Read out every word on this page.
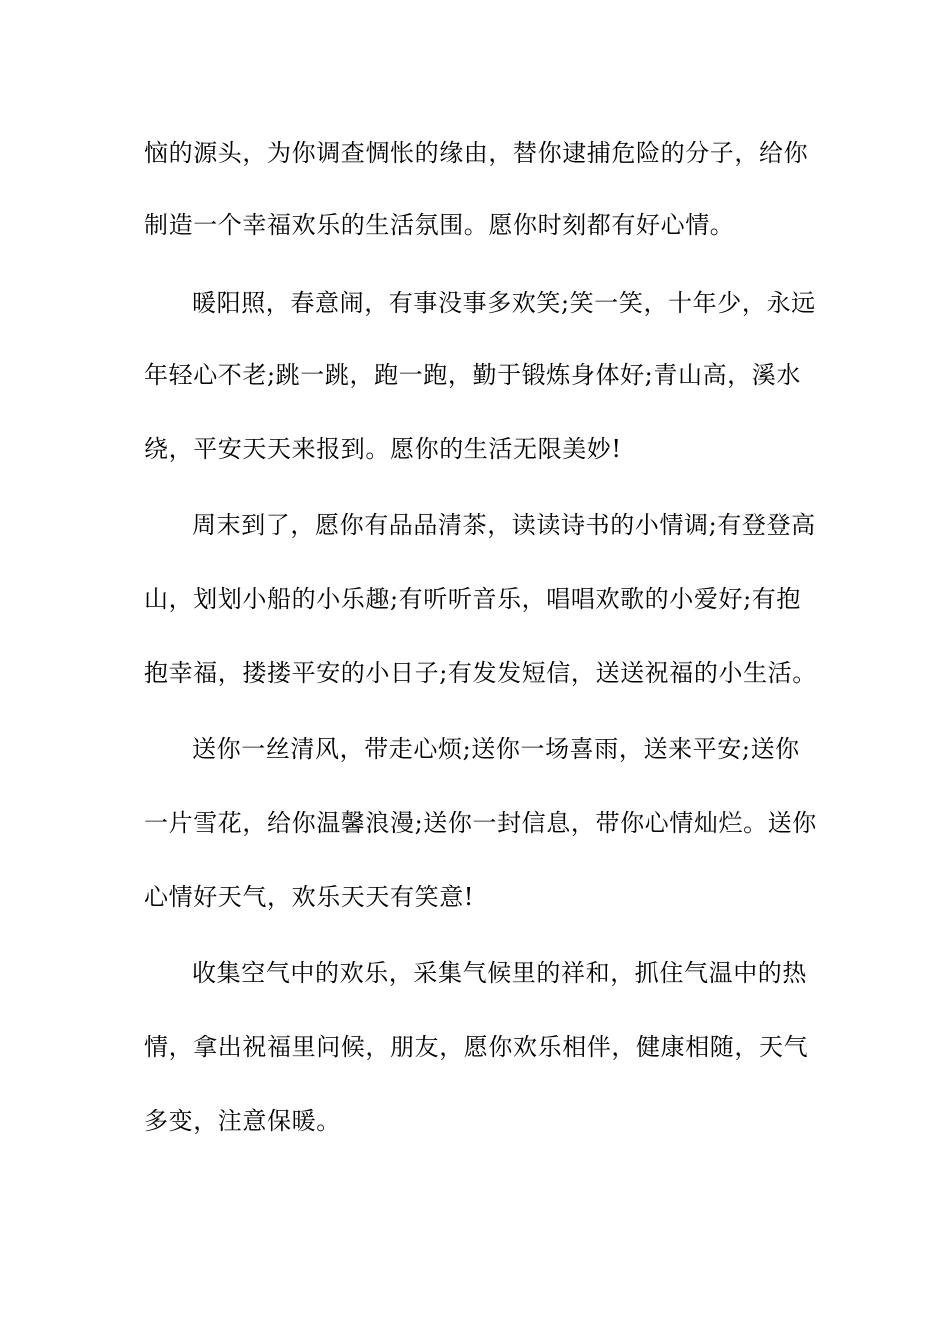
恼的源头，为你调查惆怅的缘由，替你逮捕危险的分子，给你
制造一个幸福欢乐的生活氛围。愿你时刻都有好心情。
暖阳照，春意闹，有事没事多欢笑;笑一笑，十年少，永远
年轻心不老;跳一跳，跑一跑，勤于锻炼身体好;青山高，溪水
绕，平安天天来报到。愿你的生活无限美妙!
周末到了，愿你有品品清茶，读读诗书的小情调;有登登高
山，划划小船的小乐趣;有听听音乐，唱唱欢歌的小爱好;有抱
抱幸福，搂搂平安的小日子;有发发短信，送送祝福的小生活。
送你一丝清风，带走心烦;送你一场喜雨，送来平安;送你
一片雪花，给你温馨浪漫;送你一封信息，带你心情灿烂。送你
心情好天气，欢乐天天有笑意!
收集空气中的欢乐，采集气候里的祥和，抓住气温中的热
情，拿出祝福里问候，朋友，愿你欢乐相伴，健康相随，天气
多变，注意保暖。
